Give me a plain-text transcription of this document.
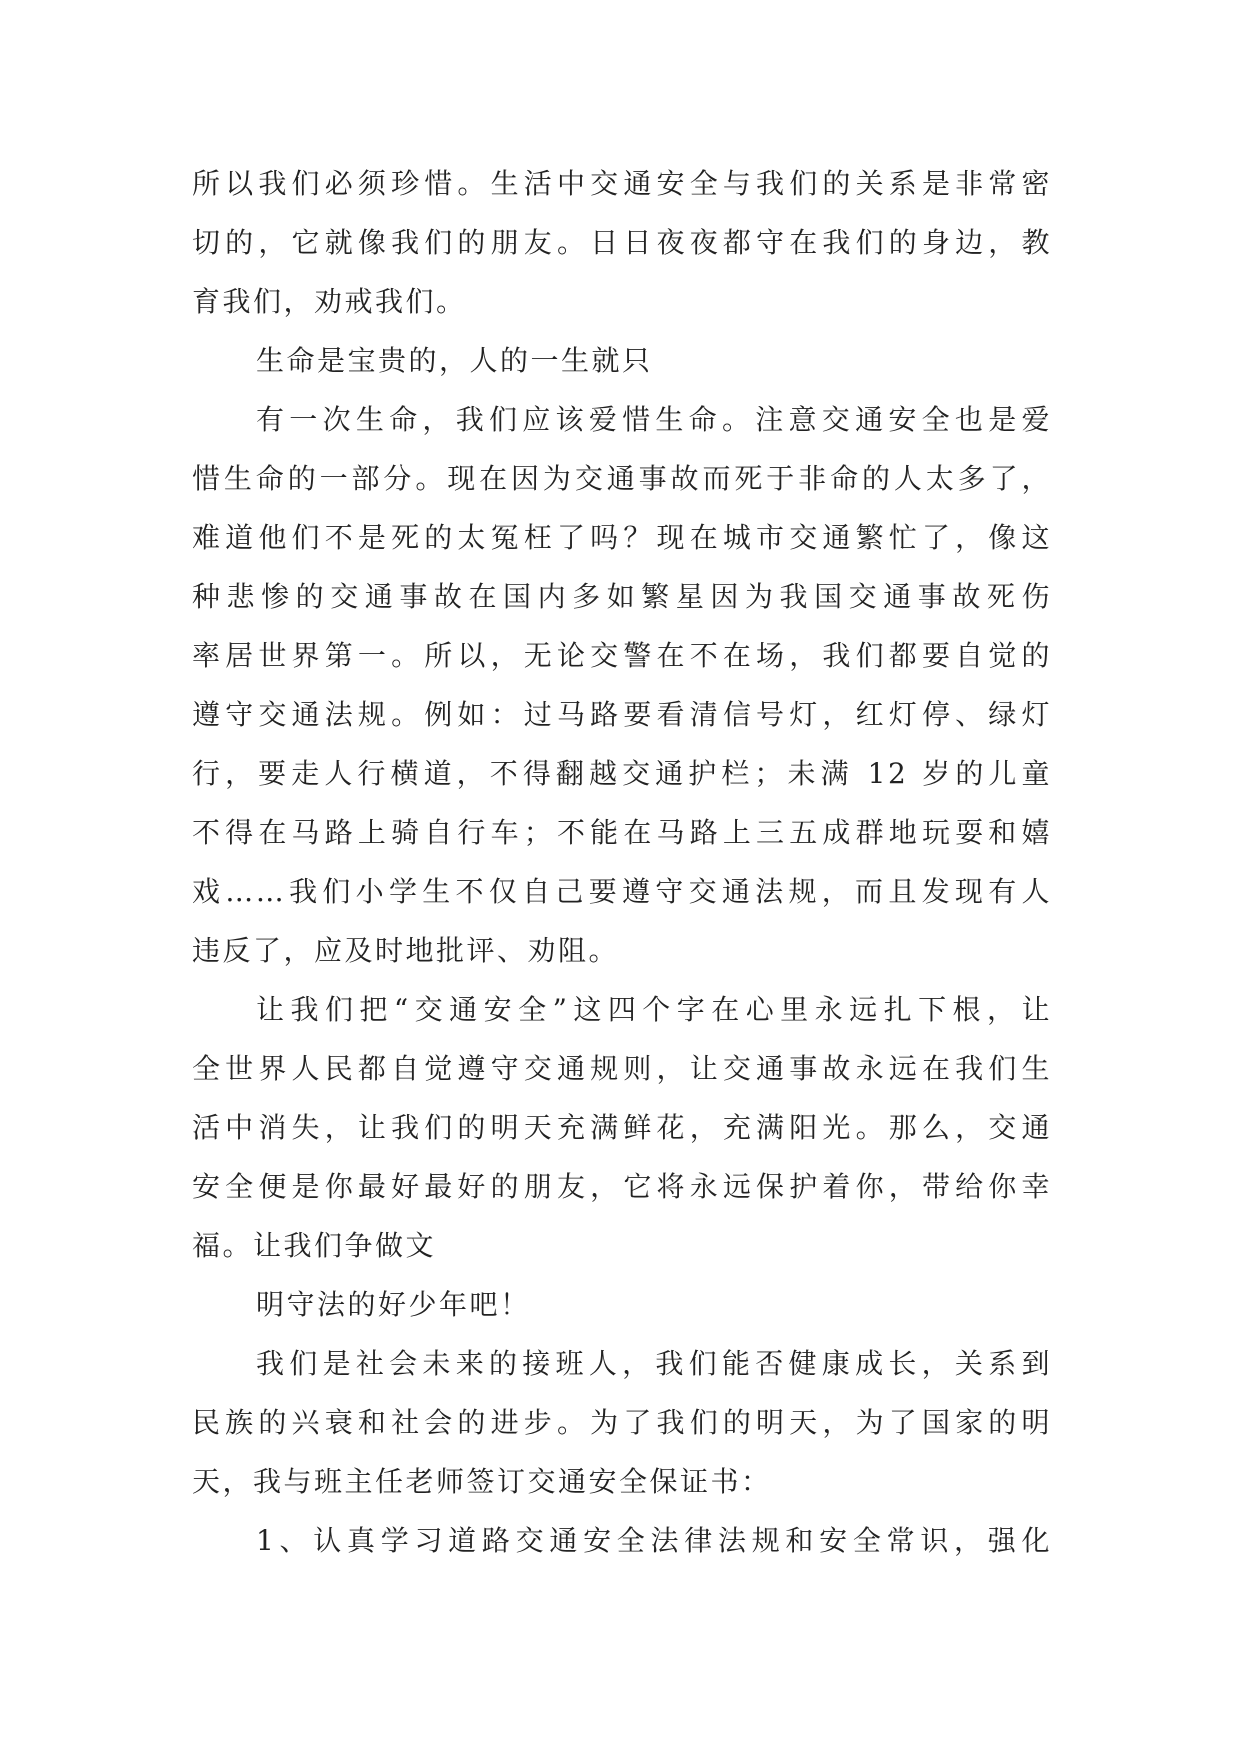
所以我们必须珍惜。生活中交通安全与我们的关系是非常密
切的，它就像我们的朋友。日日夜夜都守在我们的身边，教
育我们，劝戒我们。
生命是宝贵的，人的一生就只
有一次生命，我们应该爱惜生命。注意交通安全也是爱
惜生命的一部分。现在因为交通事故而死于非命的人太多了，
难道他们不是死的太冤枉了吗？现在城市交通繁忙了，像这
种悲惨的交通事故在国内多如繁星因为我国交通事故死伤
率居世界第一。所以，无论交警在不在场，我们都要自觉的
遵守交通法规。例如：过马路要看清信号灯，红灯停、绿灯
行，要走人行横道，不得翻越交通护栏；未满 12 岁的儿童
不得在马路上骑自行车；不能在马路上三五成群地玩耍和嬉
戏……我们小学生不仅自己要遵守交通法规，而且发现有人
违反了，应及时地批评、劝阻。
让我们把“交通安全”这四个字在心里永远扎下根，让
全世界人民都自觉遵守交通规则，让交通事故永远在我们生
活中消失，让我们的明天充满鲜花，充满阳光。那么，交通
安全便是你最好最好的朋友，它将永远保护着你，带给你幸
福。让我们争做文
明守法的好少年吧！
我们是社会未来的接班人，我们能否健康成长，关系到
民族的兴衰和社会的进步。为了我们的明天，为了国家的明
天，我与班主任老师签订交通安全保证书：
1、认真学习道路交通安全法律法规和安全常识，强化
